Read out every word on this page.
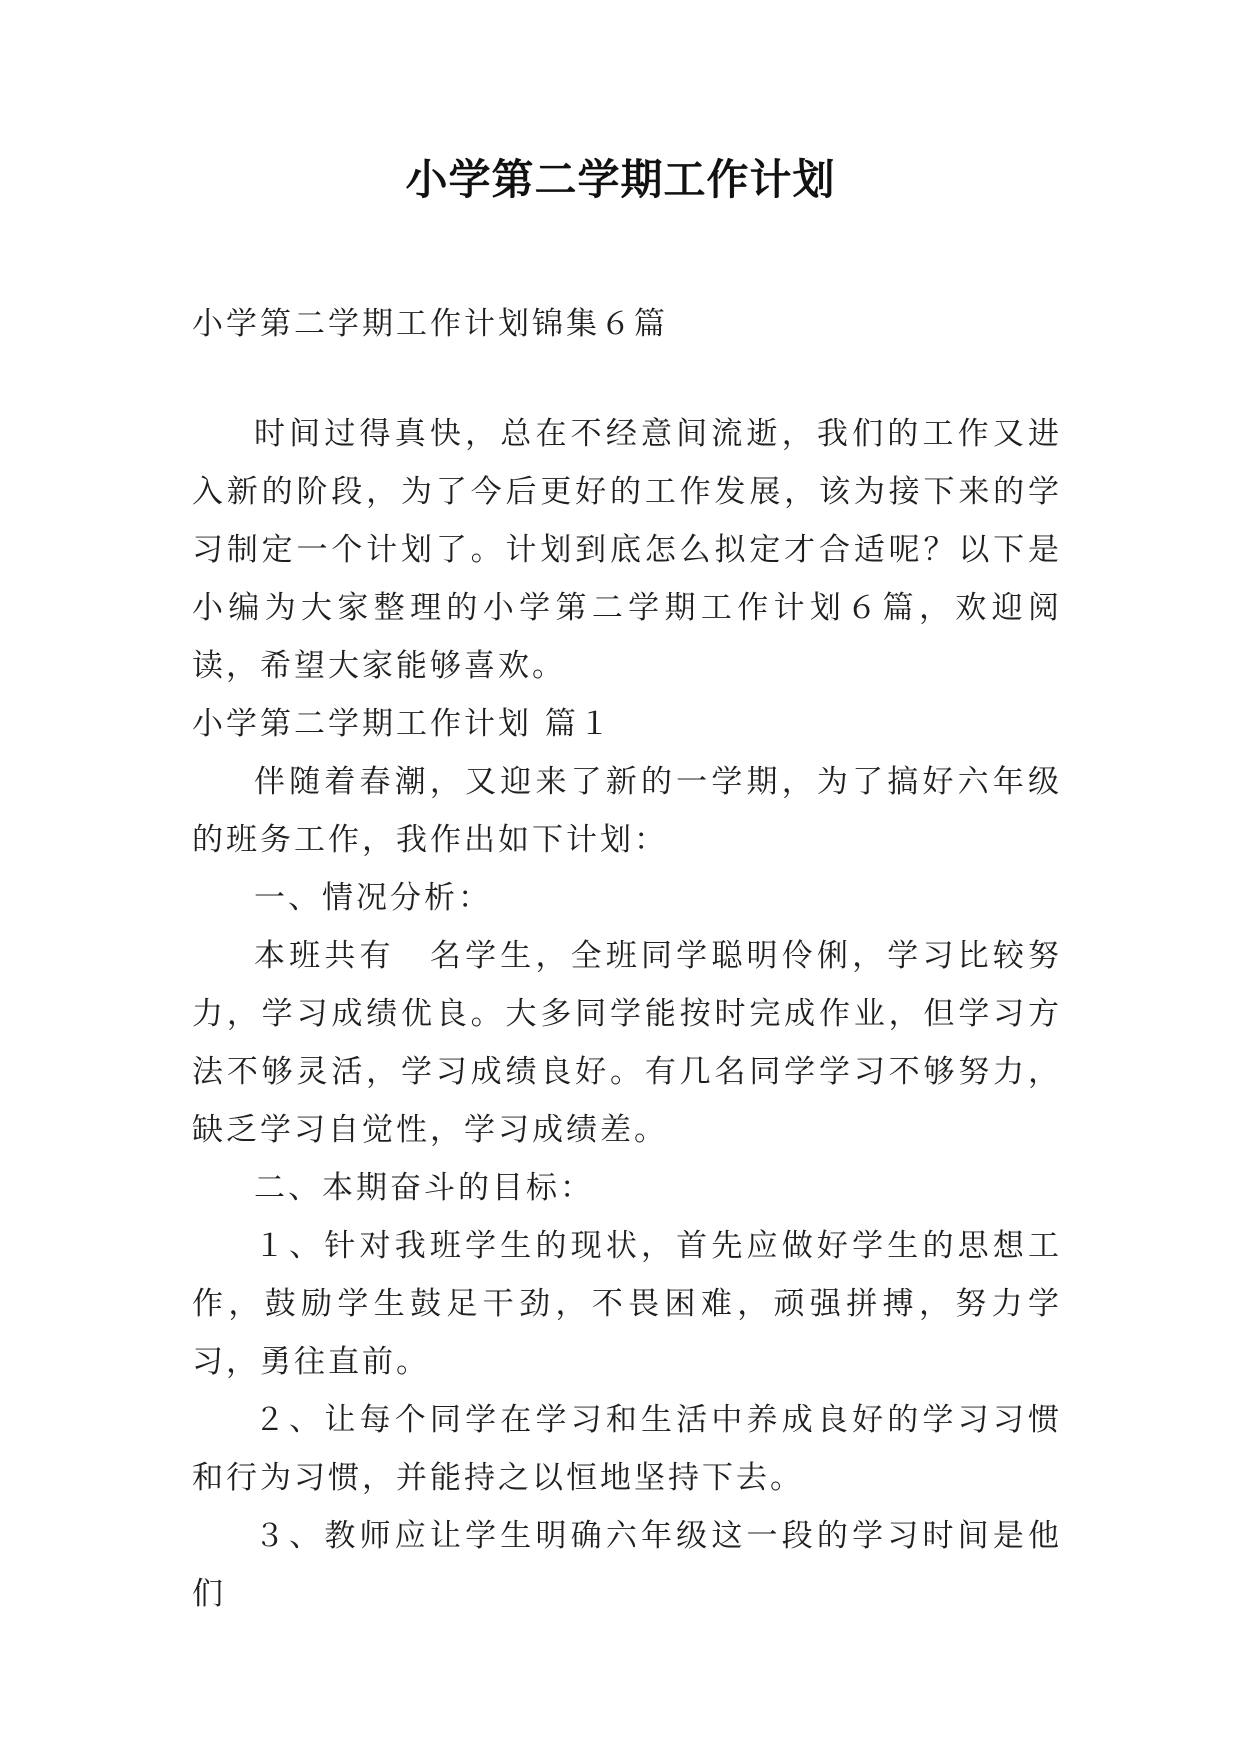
小学第二学期工作计划
小学第二学期工作计划锦集６篇

时间过得真快，总在不经意间流逝，我们的工作又进入新的阶段，为了今后更好的工作发展，该为接下来的学习制定一个计划了。计划到底怎么拟定才合适呢？以下是小编为大家整理的小学第二学期工作计划６篇，欢迎阅读，希望大家能够喜欢。

小学第二学期工作计划 篇１

伴随着春潮，又迎来了新的一学期，为了搞好六年级的班务工作，我作出如下计划：

一、情况分析：

本班共有　名学生，全班同学聪明伶俐，学习比较努力，学习成绩优良。大多同学能按时完成作业，但学习方法不够灵活，学习成绩良好。有几名同学学习不够努力，缺乏学习自觉性，学习成绩差。

二、本期奋斗的目标：

１、针对我班学生的现状，首先应做好学生的思想工作，鼓励学生鼓足干劲，不畏困难，顽强拼搏，努力学习，勇往直前。

２、让每个同学在学习和生活中养成良好的学习习惯和行为习惯，并能持之以恒地坚持下去。

３、教师应让学生明确六年级这一段的学习时间是他们
